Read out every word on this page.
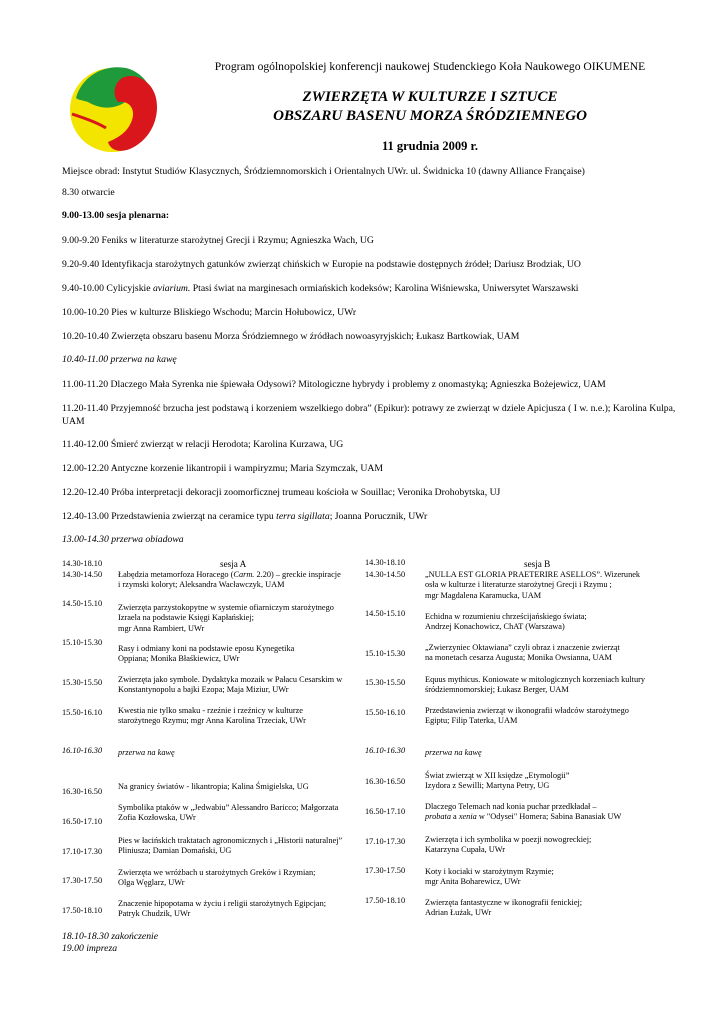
Program ogólnopolskiej konferencji naukowej Studenckiego Koła Naukowego OIKUMENE
ZWIERZĘTA W KULTURZE I SZTUCE
OBSZARU BASENU MORZA ŚRÓDZIEMNEGO
11 grudnia 2009 r.
Miejsce obrad: Instytut Studiów Klasycznych, Śródziemnomorskich i Orientalnych UWr. ul. Świdnicka 10 (dawny Alliance Française)
8.30 otwarcie
9.00-13.00 sesja plenarna:
9.00-9.20 Feniks w literaturze starożytnej Grecji i Rzymu; Agnieszka Wach, UG
9.20-9.40 Identyfikacja starożytnych gatunków zwierząt chińskich w Europie na podstawie dostępnych źródeł; Dariusz Brodziak, UO
9.40-10.00 Cylicyjskie aviarium. Ptasi świat na marginesach ormiańskich kodeksów; Karolina Wiśniewska, Uniwersytet Warszawski
10.00-10.20 Pies w kulturze Bliskiego Wschodu; Marcin Hołubowicz, UWr
10.20-10.40 Zwierzęta obszaru basenu Morza Śródziemnego w źródłach nowoasyryjskich; Łukasz Bartkowiak, UAM
10.40-11.00 przerwa na kawę
11.00-11.20 Dlaczego Mała Syrenka nie śpiewała Odysowi? Mitologiczne hybrydy i problemy z onomastyką; Agnieszka Bożejewicz, UAM
11.20-11.40 Przyjemność brzucha jest podstawą i korzeniem wszelkiego dobra” (Epikur): potrawy ze zwierząt w dziele Apicjusza ( I w. n.e.); Karolina Kulpa, UAM
11.40-12.00 Śmierć zwierząt w relacji Herodota; Karolina Kurzawa, UG
12.00-12.20 Antyczne korzenie likantropii i wampiryzmu; Maria Szymczak, UAM
12.20-12.40 Próba interpretacji dekoracji zoomorficznej trumeau kościoła w Souillac; Veronika Drohobytska, UJ
12.40-13.00 Przedstawienia zwierząt na ceramice typu terra sigillata; Joanna Porucznik, UWr
13.00-14.30 przerwa obiadowa
14.30-18.10	sesja A
14.30-14.50	Łabędzia metamorfoza Horacego (Carm. 2.20) – greckie inspiracje
i rzymski koloryt; Aleksandra Wacławczyk, UAM
14.50-15.10	Zwierzęta parzystokopytne w systemie ofiarniczym starożytnego
Izraela na podstawie Księgi Kapłańskiej;
mgr Anna Rambiert, UWr
15.10-15.30
Rasy i odmiany koni na podstawie eposu Kynegetika
Oppiana; Monika Błaśkiewicz, UWr
15.30-15.50	Zwierzęta jako symbole. Dydaktyka mozaik w Pałacu Cesarskim w
Konstantynopolu a bajki Ezopa; Maja Miziur, UWr
15.50-16.10	Kwestia nie tylko smaku - rzeźnie i rzeźnicy w kulturze
starożytnego Rzymu; mgr Anna Karolina Trzeciak, UWr
16.10-16.30	przerwa na kawę
16.30-16.50
Na granicy światów - likantropia; Kalina Śmigielska, UG
16.50-17.10
Symbolika ptaków w „Jedwabiu” Alessandro Baricco; Małgorzata
Zofia Kozłowska, UWr
17.10-17.30
Pies w łacińskich traktatach agronomicznych i „Historii naturalnej”
Pliniusza; Damian Domański, UG
17.30-17.50
Zwierzęta we wróżbach u starożytnych Greków i Rzymian;
Olga Węglarz, UWr
17.50-18.10
Znaczenie hipopotama w życiu i religii starożytnych Egipcjan;
Patryk Chudzik, UWr
14.30-18.10	sesja B
14.30-14.50	„NULLA EST GLORIA PRAETERIRE ASELLOS”. Wizerunek
osła w kulturze i literaturze starożytnej Grecji i Rzymu ;
mgr Magdalena Karamucka, UAM
14.50-15.10	Echidna w rozumieniu chrześcijańskiego świata;
Andrzej Konachowicz, ChAT (Warszawa)
15.10-15.30
„Zwierzyniec Oktawiana” czyli obraz i znaczenie zwierząt
na monetach cesarza Augusta; Monika Owsianna, UAM
15.30-15.50	Equus mythicus. Koniowate w mitologicznych korzeniach kultury
śródziemnomorskiej; Łukasz Berger, UAM
15.50-16.10	Przedstawienia zwierząt w ikonografii władców starożytnego
Egiptu; Filip Taterka, UAM
16.10-16.30	przerwa na kawę
16.30-16.50
Świat zwierząt w XII księdze „Etymologii”
Izydora z Sewilli; Martyna Petry, UG
16.50-17.10
Dlaczego Telemach nad konia puchar przedkładał –
probata a xenia w "Odysei" Homera; Sabina Banasiak UW
17.10-17.30	Zwierzęta i ich symbolika w poezji nowogreckiej;
Katarzyna Cupała, UWr
17.30-17.50	Koty i kociaki w starożytnym Rzymie;
mgr Anita Boharewicz, UWr
17.50-18.10	Zwierzęta fantastyczne w ikonografii fenickiej;
Adrian Łużak, UWr
18.10-18.30 zakończenie
19.00 impreza
